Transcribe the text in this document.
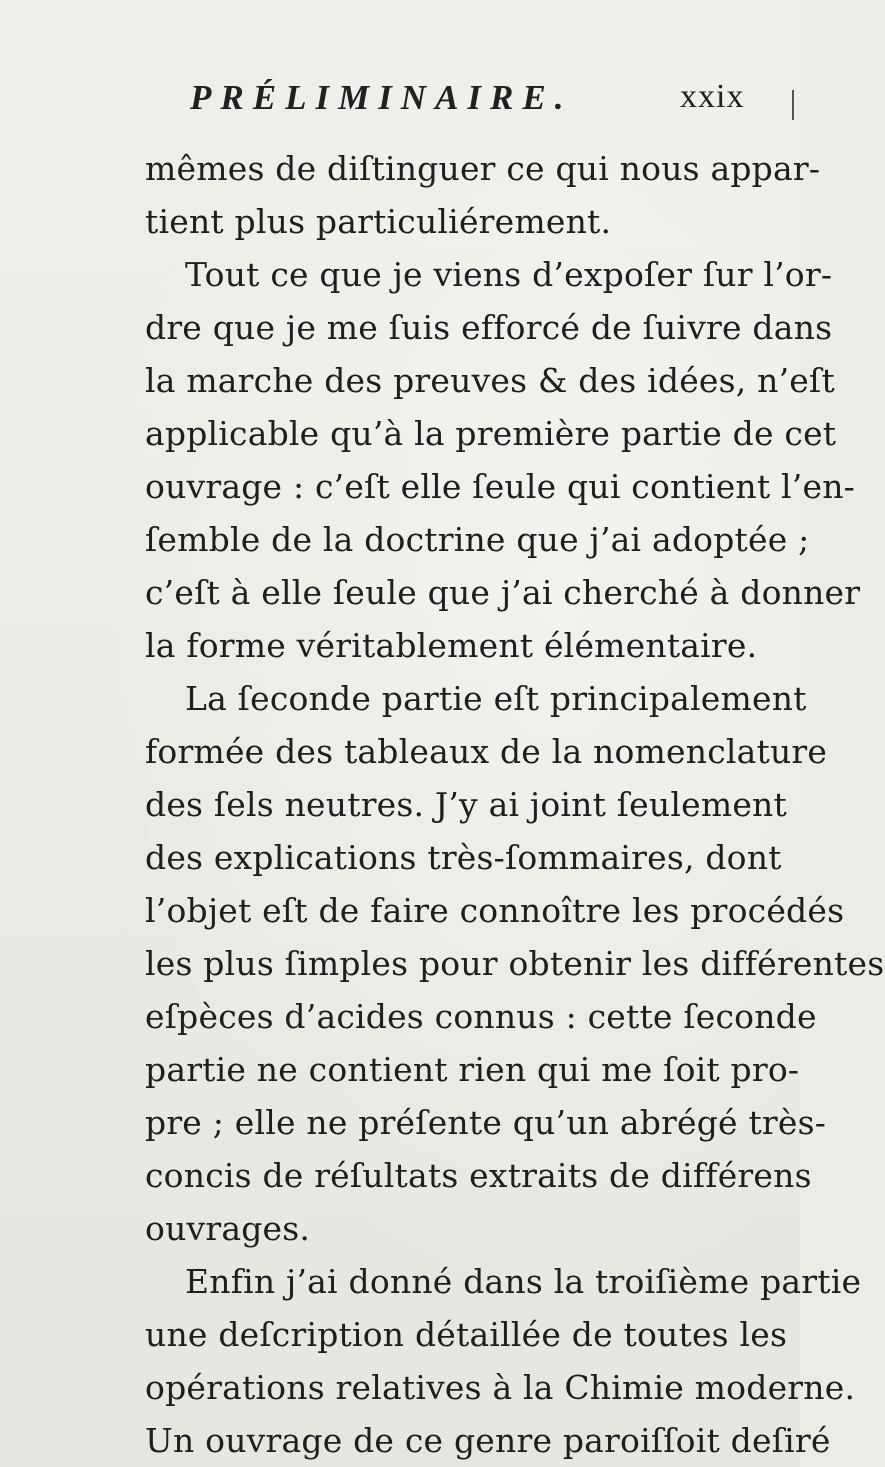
PRÉLIMINAIRE.	xxix
mêmes de diſtinguer ce qui nous appar-
tient plus particuliérement.
Tout ce que je viens d’expoſer ſur l’or-
dre que je me ſuis efforcé de ſuivre dans
la marche des preuves & des idées, n’eſt
applicable qu’à la première partie de cet
ouvrage : c’eſt elle ſeule qui contient l’en-
ſemble de la doctrine que j’ai adoptée ;
c’eſt à elle ſeule que j’ai cherché à donner
la forme véritablement élémentaire.
La ſeconde partie eſt principalement
formée des tableaux de la nomenclature
des ſels neutres. J’y ai joint ſeulement
des explications très-ſommaires, dont
l’objet eſt de faire connoître les procédés
les plus ſimples pour obtenir les différentes
eſpèces d’acides connus : cette ſeconde
partie ne contient rien qui me ſoit pro-
pre ; elle ne préſente qu’un abrégé très-
concis de réſultats extraits de différens
ouvrages.
Enfin j’ai donné dans la troiſième partie
une deſcription détaillée de toutes les
opérations relatives à la Chimie moderne.
Un ouvrage de ce genre paroiſſoit deſiré
